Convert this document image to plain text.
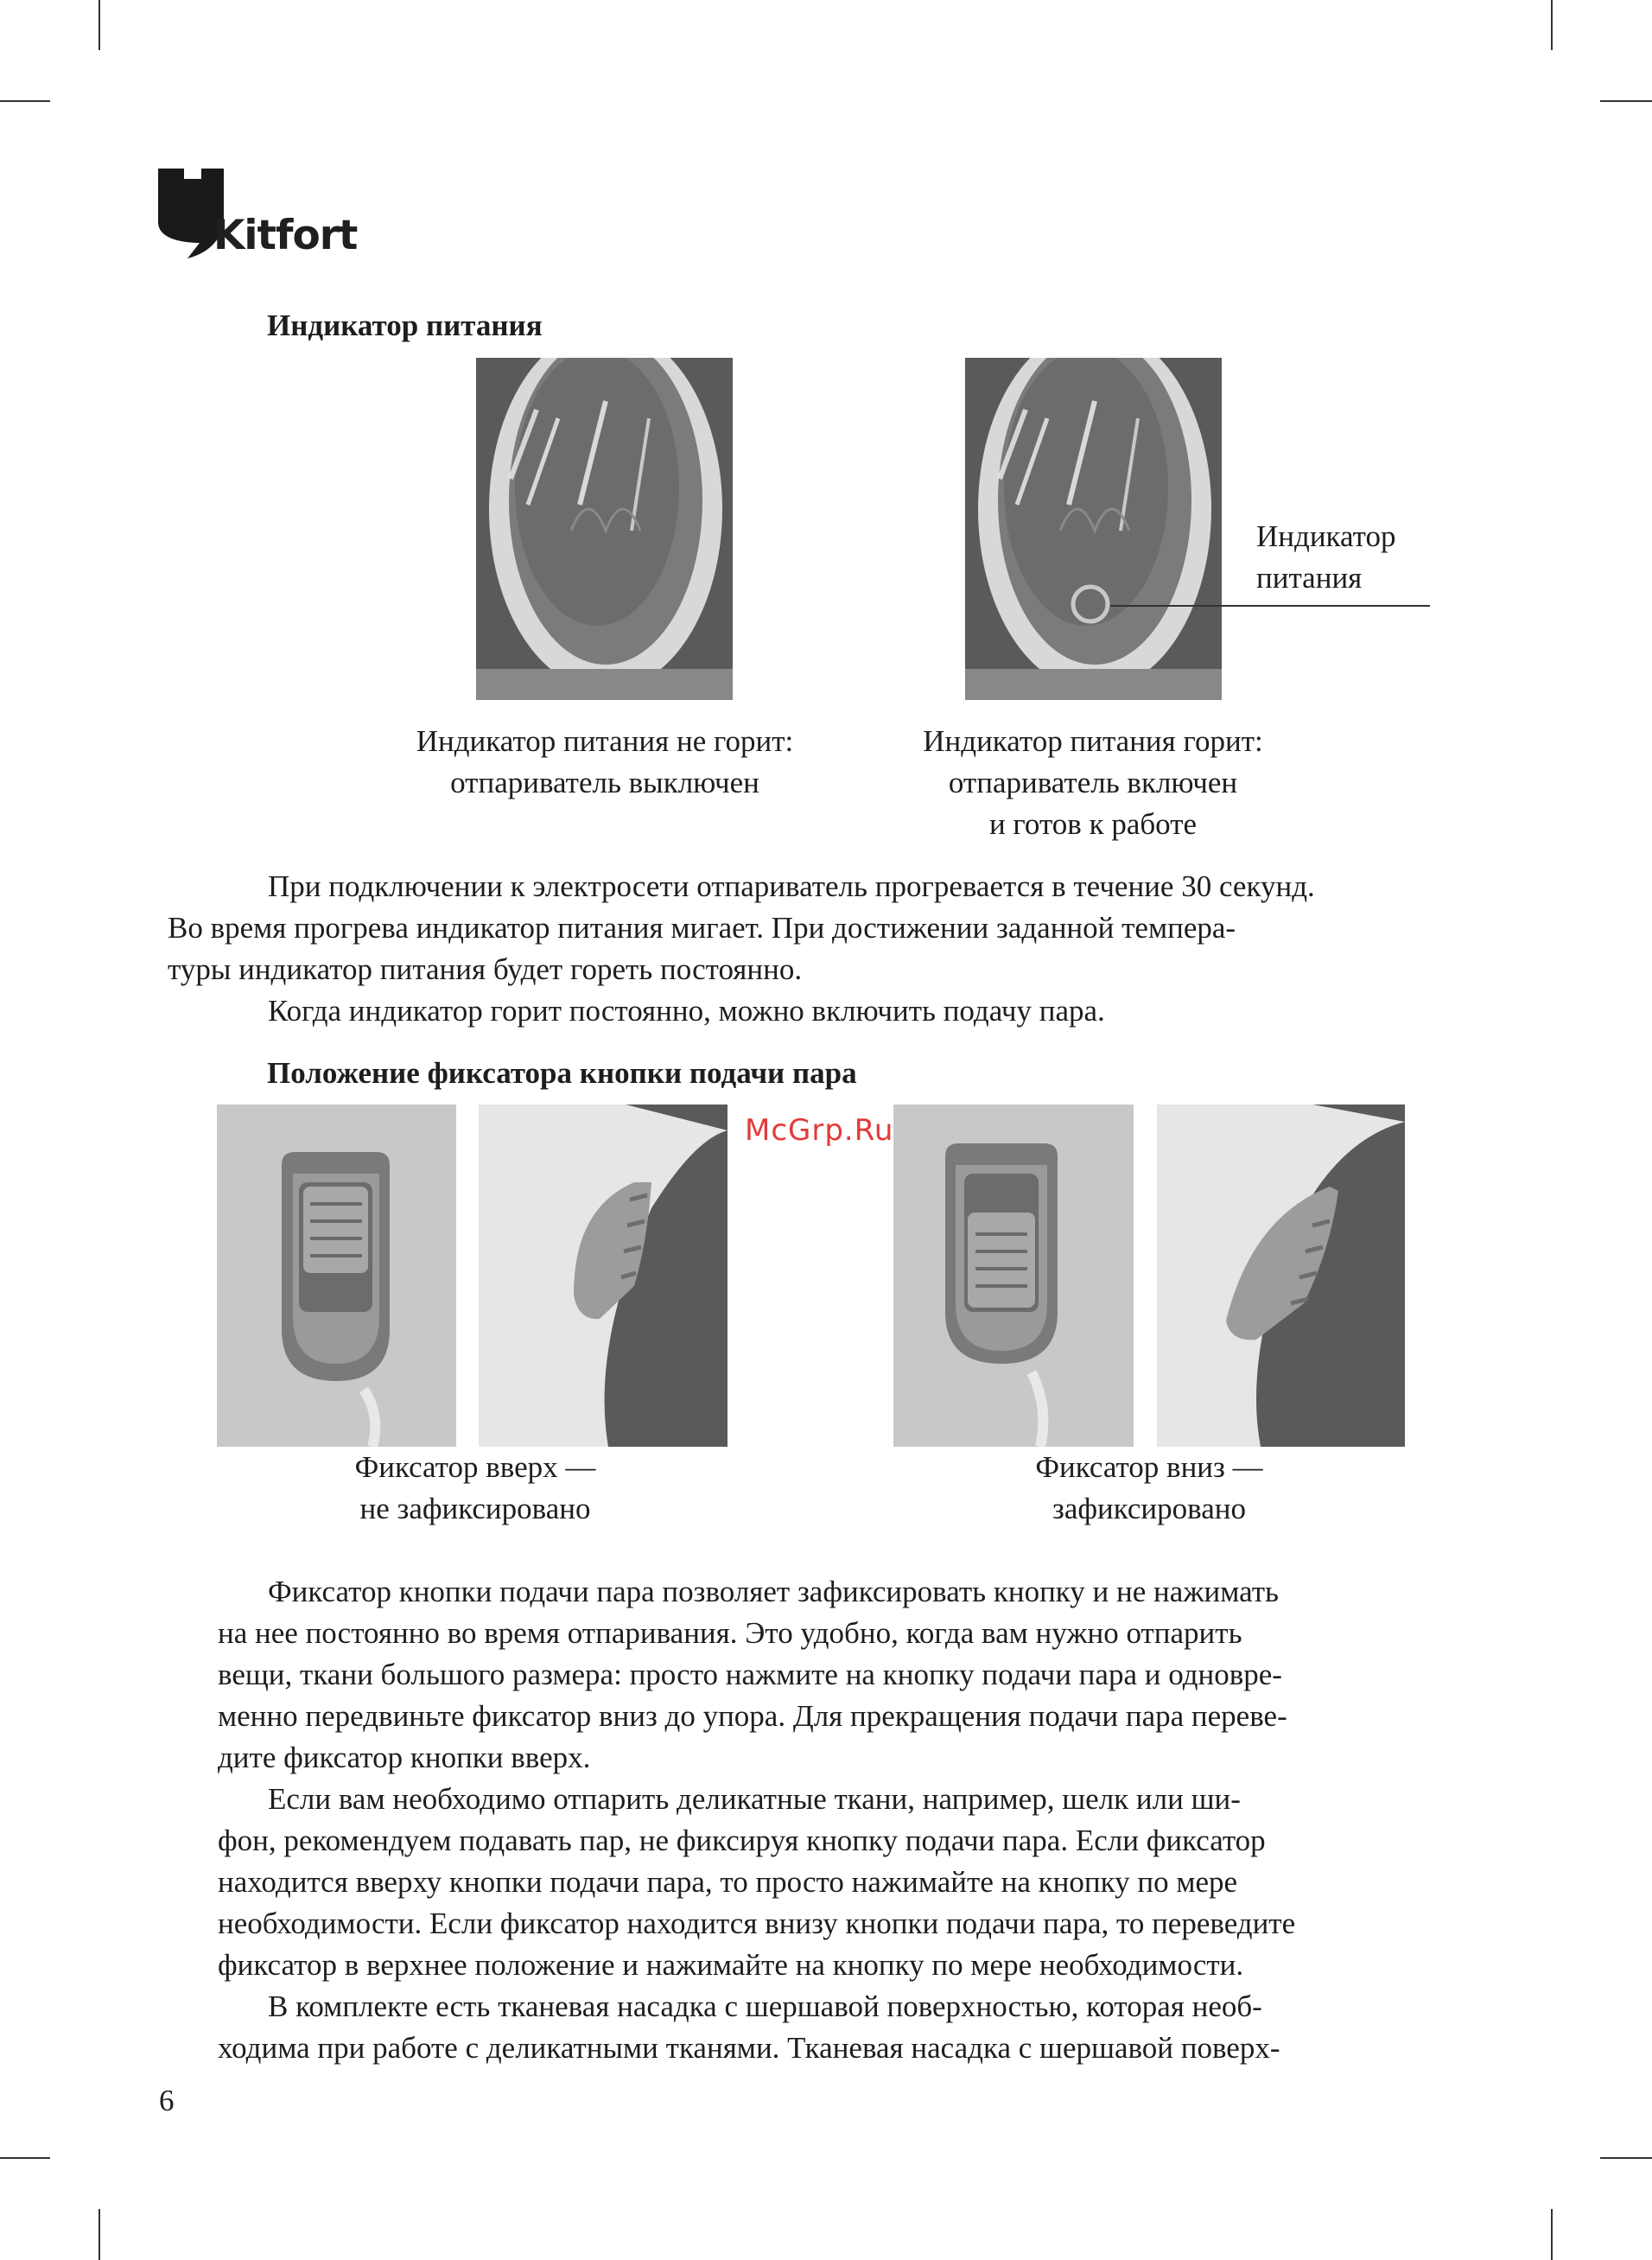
Kitfort
Индикатор питания
Индикатор
питания
Индикатор питания не горит:
отпариватель выключен
Индикатор питания горит:
отпариватель включен
и готов к работе

При подключении к электросети отпариватель прогревается в течение 30 секунд.
Во время прогрева индикатор питания мигает. При достижении заданной темпера-
туры индикатор питания будет гореть постоянно.

Когда индикатор горит постоянно, можно включить подачу пара.

Положение фиксатора кнопки подачи пара
McGrp.Ru
Фиксатор вверх —
не зафиксировано
Фиксатор вниз —
зафиксировано
Фиксатор кнопки подачи пара позволяет зафиксировать кнопку и не нажимать
на нее постоянно во время отпаривания. Это удобно, когда вам нужно отпарить
вещи, ткани большого размера: просто нажмите на кнопку подачи пара и одновре-
менно передвиньте фиксатор вниз до упора. Для прекращения подачи пара переве-
дите фиксатор кнопки вверх.
Если вам необходимо отпарить деликатные ткани, например, шелк или ши-
фон, рекомендуем подавать пар, не фиксируя кнопку подачи пара. Если фиксатор
находится вверху кнопки подачи пара, то просто нажимайте на кнопку по мере
необходимости. Если фиксатор находится внизу кнопки подачи пара, то переведите
фиксатор в верхнее положение и нажимайте на кнопку по мере необходимости.
В комплекте есть тканевая насадка с шершавой поверхностью, которая необ-
ходима при работе с деликатными тканями. Тканевая насадка с шершавой поверх-
6
